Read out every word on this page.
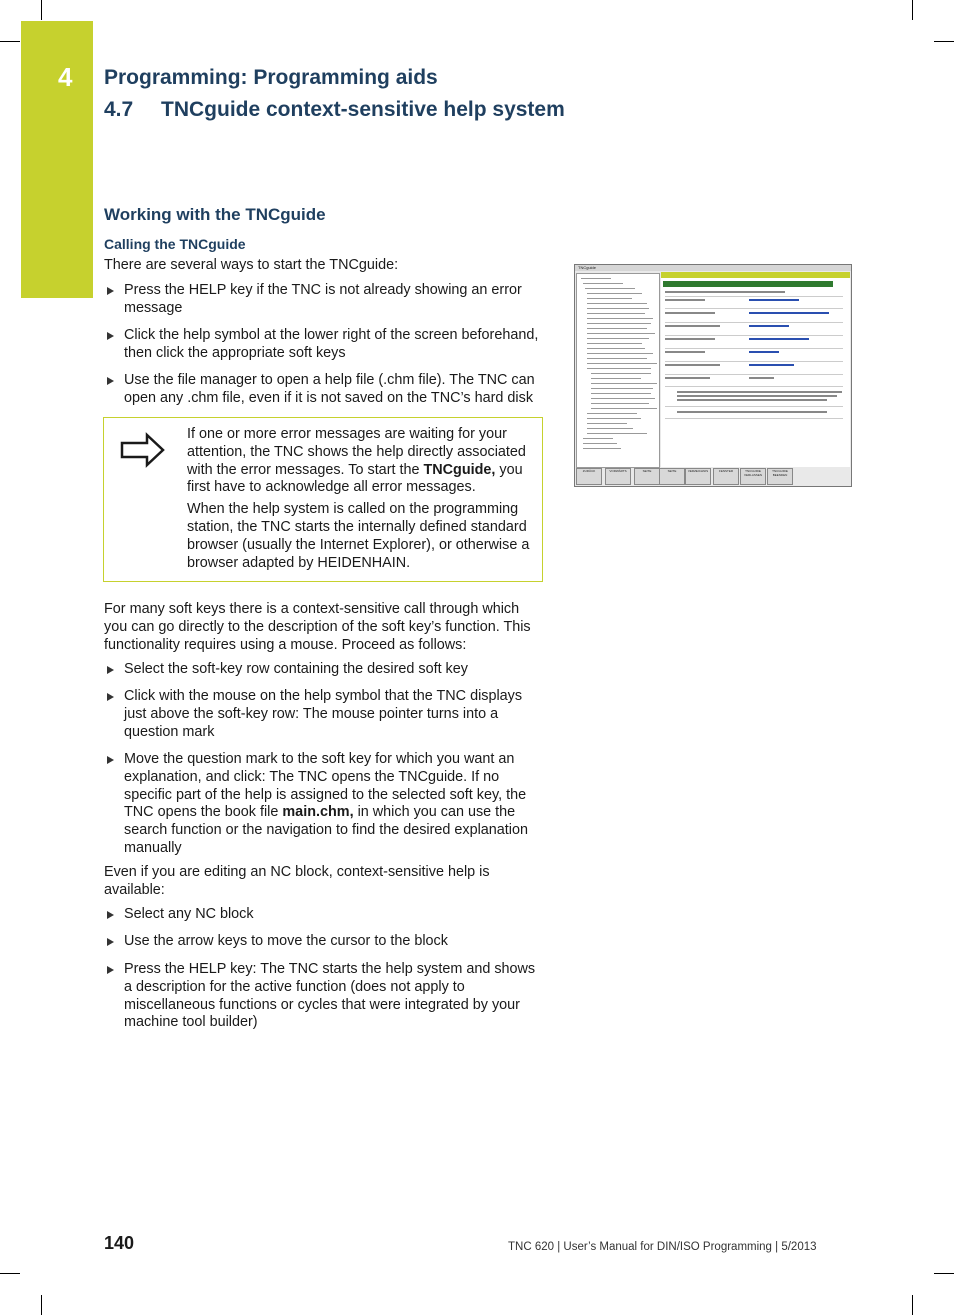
4 Programming: Programming aids
4.7 TNCguide context-sensitive help system
Working with the TNCguide
Calling the TNCguide
There are several ways to start the TNCguide:
Press the HELP key if the TNC is not already showing an error message
Click the help symbol at the lower right of the screen beforehand, then click the appropriate soft keys
Use the file manager to open a help file (.chm file). The TNC can open any .chm file, even if it is not saved on the TNC’s hard disk

If one or more error messages are waiting for your attention, the TNC shows the help directly associated with the error messages. To start the TNCguide, you first have to acknowledge all error messages.

When the help system is called on the programming station, the TNC starts the internally defined standard browser (usually the Internet Explorer), or otherwise a browser adapted by HEIDENHAIN.

For many soft keys there is a context-sensitive call through which you can go directly to the description of the soft key’s function. This functionality requires using a mouse. Proceed as follows:
Select the soft-key row containing the desired soft key
Click with the mouse on the help symbol that the TNC displays just above the soft-key row: The mouse pointer turns into a question mark
Move the question mark to the soft key for which you want an explanation, and click: The TNC opens the TNCguide. If no specific part of the help is assigned to the selected soft key, the TNC opens the book file main.chm, in which you can use the search function or the navigation to find the desired explanation manually
Even if you are editing an NC block, context-sensitive help is available:
Select any NC block
Use the arrow keys to move the cursor to the block
Press the HELP key: The TNC starts the help system and shows a description for the active function (does not apply to miscellaneous functions or cycles that were integrated by your machine tool builder)
TNCguide
ZURÜCK	VORWÄRTS	SEITE	SEITE	VERZEICHNIS	FENSTER	TNCGUIDE VERLASSEN
TNCGUIDE BEENDEN
140	TNC 620 | User’s Manual for DIN/ISO Programming | 5/2013
